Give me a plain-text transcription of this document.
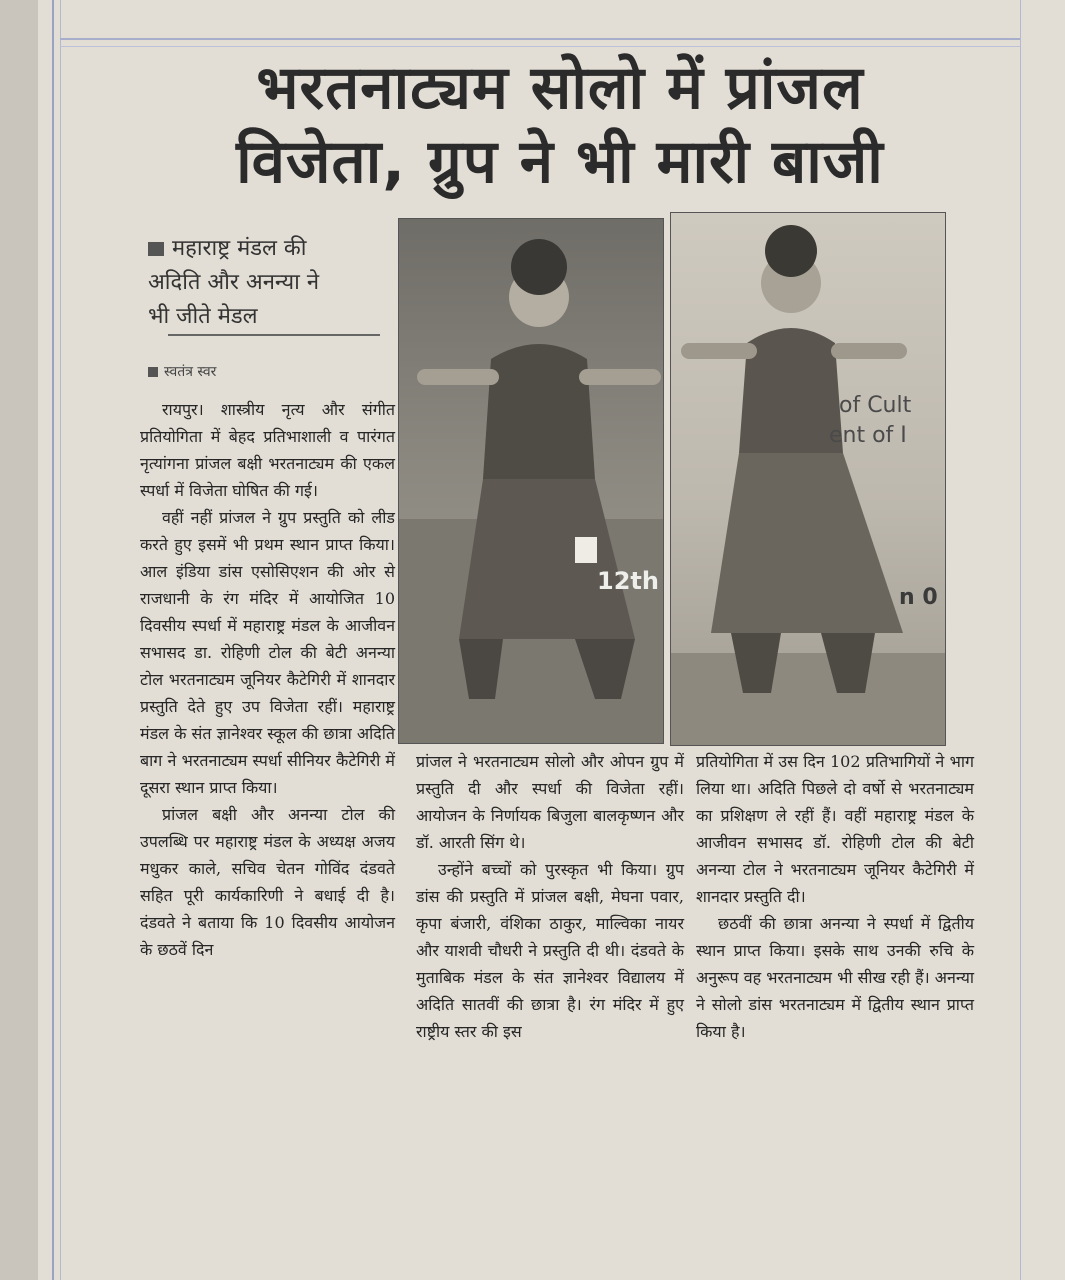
भरतनाट्यम सोलो में प्रांजल
विजेता, ग्रुप ने भी मारी बाजी
महाराष्ट्र मंडल की
अदिति और अनन्या ने
भी जीते मेडल
स्वतंत्र स्वर

रायपुर। शास्त्रीय नृत्य और संगीत प्रतियोगिता में बेहद प्रतिभाशाली व पारंगत नृत्यांगना प्रांजल बक्षी भरतनाट्यम की एकल स्पर्धा में विजेता घोषित की गई।

वहीं नहीं प्रांजल ने ग्रुप प्रस्तुति को लीड करते हुए इसमें भी प्रथम स्थान प्राप्त किया। आल इंडिया डांस एसोसिएशन की ओर से राजधानी के रंग मंदिर में आयोजित 10 दिवसीय स्पर्धा में महाराष्ट्र मंडल के आजीवन सभासद डा. रोहिणी टोल की बेटी अनन्या टोल भरतनाट्यम जूनियर कैटेगिरी में शानदार प्रस्तुति देते हुए उप विजेता रहीं। महाराष्ट्र मंडल के संत ज्ञानेश्वर स्कूल की छात्रा अदिति बाग ने भरतनाट्यम स्पर्धा सीनियर कैटेगिरी में दूसरा स्थान प्राप्त किया।

प्रांजल बक्षी और अनन्या टोल की उपलब्धि पर महाराष्ट्र मंडल के अध्यक्ष अजय मधुकर काले, सचिव चेतन गोविंद दंडवते सहित पूरी कार्यकारिणी ने बधाई दी है। दंडवते ने बताया कि 10 दिवसीय आयोजन के छठवें दिन

12th
of Cult
ent of I
n 0

प्रांजल ने भरतनाट्यम सोलो और ओपन ग्रुप में प्रस्तुति दी और स्पर्धा की विजेता रहीं। आयोजन के निर्णायक बिजुला बालकृष्णन और डॉ. आरती सिंग थे।

उन्होंने बच्चों को पुरस्कृत भी किया। ग्रुप डांस की प्रस्तुति में प्रांजल बक्षी, मेघना पवार, कृपा बंजारी, वंशिका ठाकुर, माल्विका नायर और याशवी चौधरी ने प्रस्तुति दी थी। दंडवते के मुताबिक मंडल के संत ज्ञानेश्वर विद्यालय में अदिति सातवीं की छात्रा है। रंग मंदिर में हुए राष्ट्रीय स्तर की इस

प्रतियोगिता में उस दिन 102 प्रतिभागियों ने भाग लिया था। अदिति पिछले दो वर्षो से भरतनाट्यम का प्रशिक्षण ले रहीं हैं। वहीं महाराष्ट्र मंडल के आजीवन सभासद डॉ. रोहिणी टोल की बेटी अनन्या टोल ने भरतनाट्यम जूनियर कैटेगिरी में शानदार प्रस्तुति दी।

छठवीं की छात्रा अनन्या ने स्पर्धा में द्वितीय स्थान प्राप्त किया। इसके साथ उनकी रुचि के अनुरूप वह भरतनाट्यम भी सीख रही हैं। अनन्या ने सोलो डांस भरतनाट्यम में द्वितीय स्थान प्राप्त किया है।
